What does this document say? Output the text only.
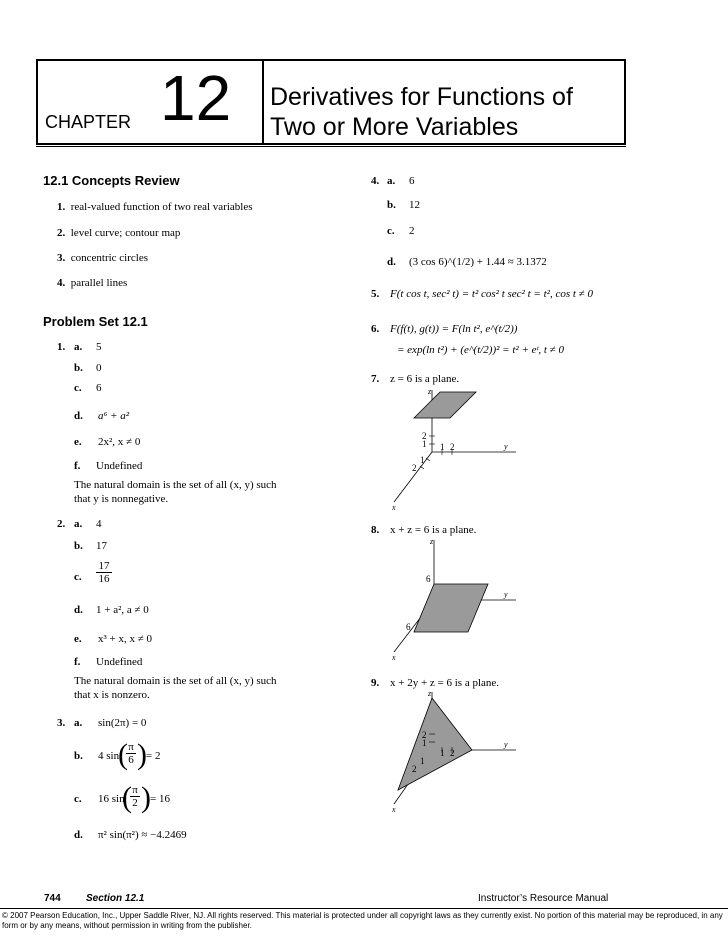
CHAPTER 12 Derivatives for Functions of
Two or More Variables
12.1 Concepts Review
1. real-valued function of two real variables
2. level curve; contour map
3. concentric circles
4. parallel lines
Problem Set 12.1
1. a. 5
b. 0
c. 6
d. a⁶ + a²
e. 2x², x ≠ 0
f. Undefined
The natural domain is the set of all (x, y) such
that y is nonnegative.
2. a. 4
b. 17
c. $\frac{17}{16}$
d. 1 + a², a ≠ 0
e. x³ + x, x ≠ 0
f. Undefined
The natural domain is the set of all (x, y) such
that x is nonzero.
3. a. sin(2π) = 0
b. 4 sin
(
$\frac{\pi}{6}$ ) = 2
c. 16 sin
(
$\frac{\pi}{2}$ ) = 16
d. π² sin(π²) ≈ −4.2469
4. a. 6
b. 12
c. 2
d. (3 cos 6)^(1/2) + 1.44 ≈ 3.1372
5. F(t cos t, sec² t) = t² cos² t sec² t = t², cos t ≠ 0
6. F(f(t), g(t)) = F(ln t², e^(t/2))
= exp(ln t²) + (e^(t/2))² = t² + eᵗ, t ≠ 0
7. z = 6 is a plane.
z
y
x
2
1 1 2
1
2
8. x + z = 6 is a plane.
z
y
x
6
6
9. x + 2y + z = 6 is a plane.
z
y
x
2
1
1 2
1
2
744	Section 12.1	Instructor’s Resource Manual
© 2007 Pearson Education, Inc., Upper Saddle River, NJ. All rights reserved. This material is protected under all copyright laws as they currently exist. No portion of this material may be reproduced, in any form or by any means, without permission in writing from the publisher.
